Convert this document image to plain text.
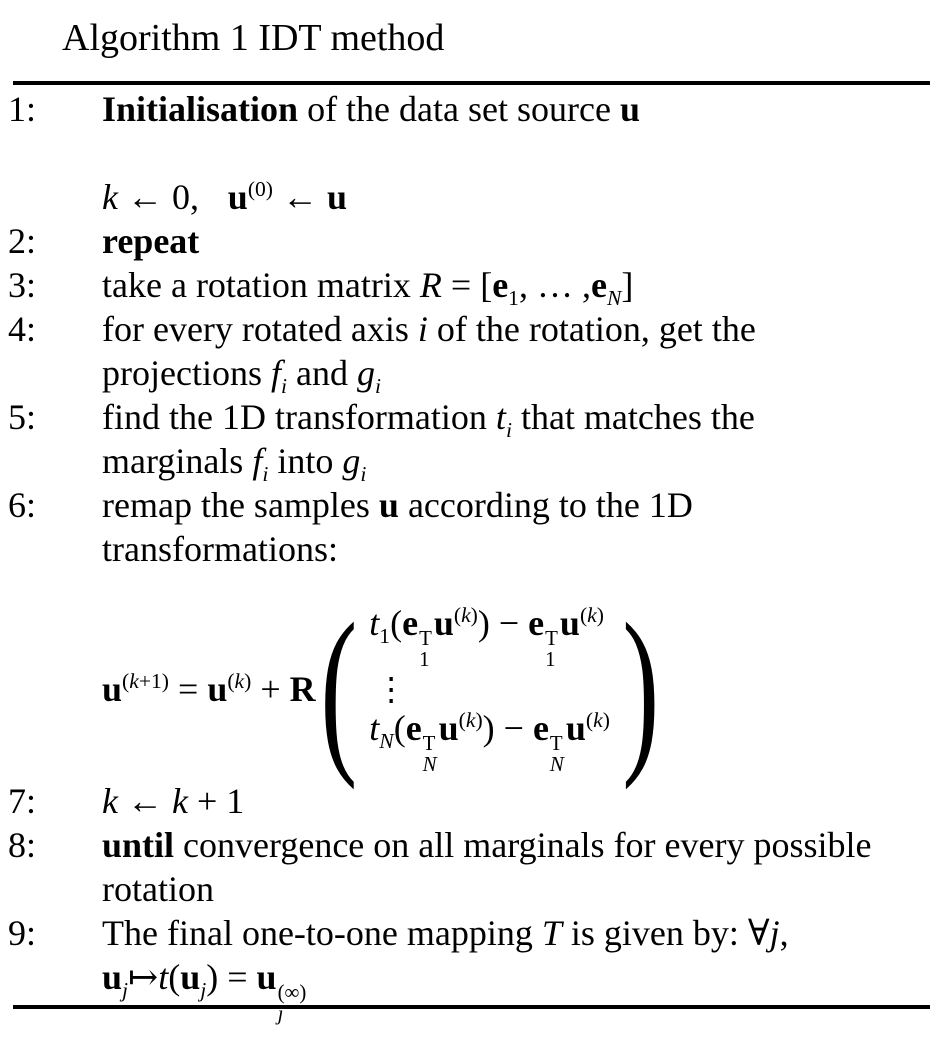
Algorithm 1 IDT method
1:	Initialisation of the data set source u
k ← 0, $u^{(0)}$ ← u
2:	repeat
3:	take a rotation matrix $R = [e_1$, … $,e_N$]
4:	for every rotated axis i of the rotation, get the
projections $f_i$ and $g_i$
5:	find the 1D transformation $t_i$ that matches the
marginals $f_i$ into $g_i$
6:	remap the samples u according to the 1D
transformations:
$u^{(k+1)} = u^{(k)} + R$ ( $t_1(e$ T
1
$u^{(k)}) - e$ T
1
$u^{(k)}$
⋮
$t_N(e$ T
N
$u^{(k)}) - e$ T
N
$u^{(k)}$ )
7:	k ← k + 1
8:	until convergence on all marginals for every possible
rotation
9:	The final one-to-one mapping T is given by: ∀j,
$u_j↦t(u_j) = u$ (∞)
j
